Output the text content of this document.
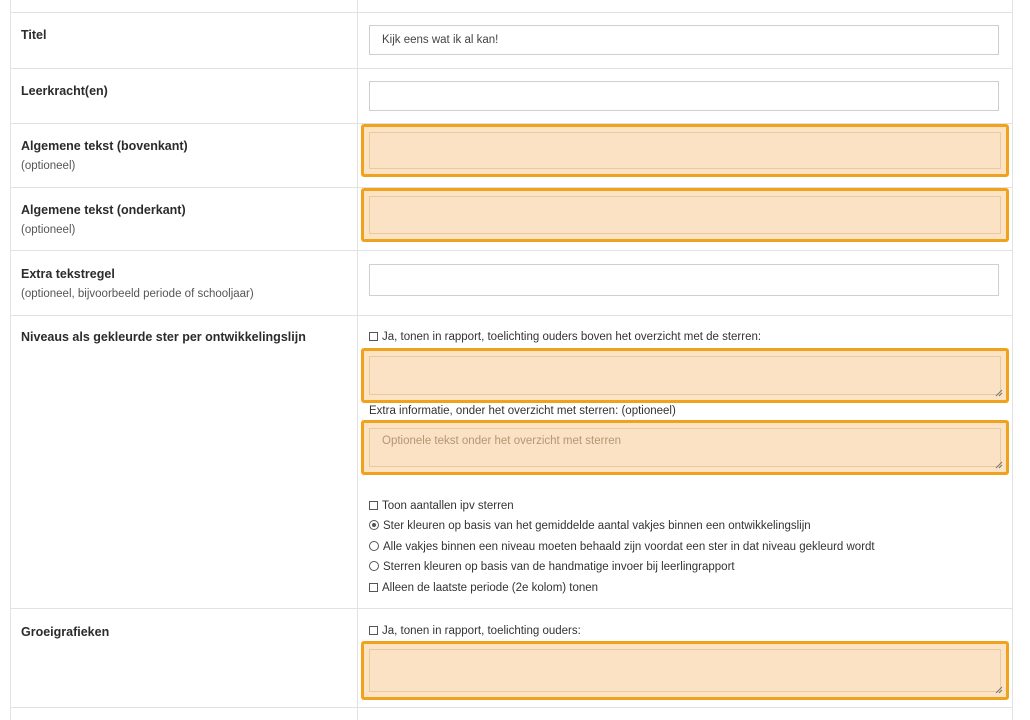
Titel	Kijk eens wat ik al kan!
Leerkracht(en)
Algemene tekst (bovenkant)
(optioneel)
Algemene tekst (onderkant)
(optioneel)
Extra tekstregel
(optioneel, bijvoorbeeld periode of schooljaar)
Niveaus als gekleurde ster per ontwikkelingslijn	Ja, tonen in rapport, toelichting ouders boven het overzicht met de sterren:
Extra informatie, onder het overzicht met sterren: (optioneel)
Optionele tekst onder het overzicht met sterren
Toon aantallen ipv sterren
Ster kleuren op basis van het gemiddelde aantal vakjes binnen een ontwikkelingslijn
Alle vakjes binnen een niveau moeten behaald zijn voordat een ster in dat niveau gekleurd wordt
Sterren kleuren op basis van de handmatige invoer bij leerlingrapport
Alleen de laatste periode (2e kolom) tonen
Groeigrafieken	Ja, tonen in rapport, toelichting ouders:
